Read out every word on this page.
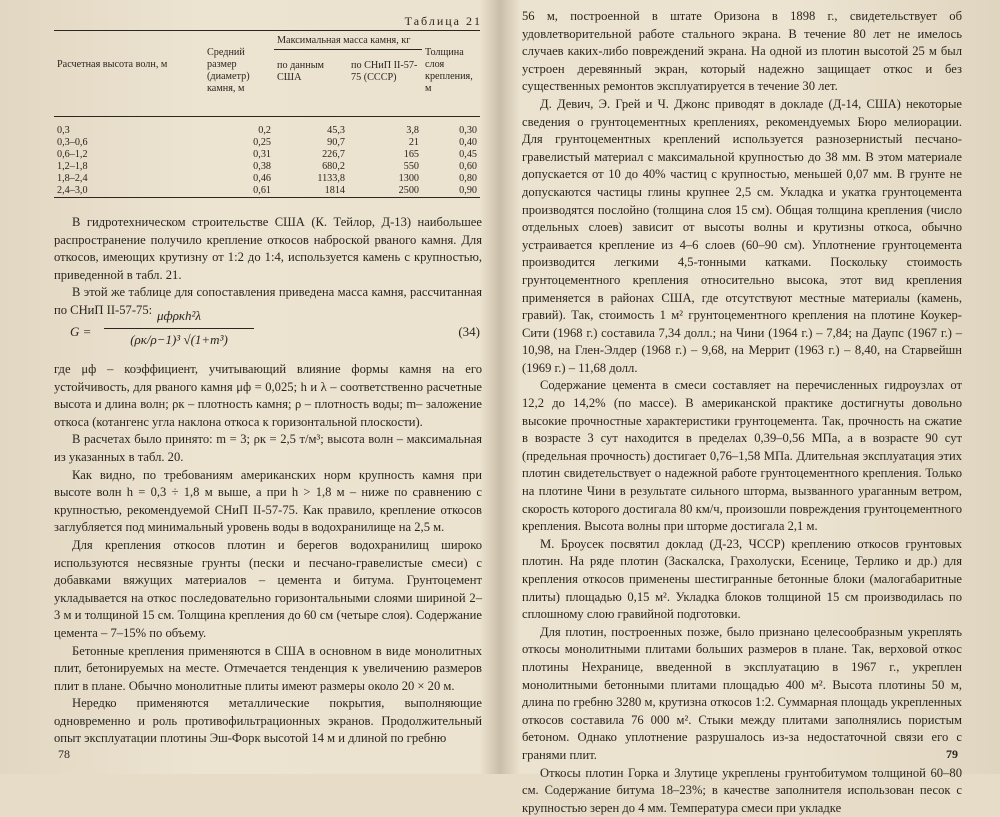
Таблица 21
Расчетная высота волн, м	Средний размер (диаметр) камня, м	Максимальная масса камня, кг		Толщина слоя крепления, м
		по данным США	по СНиП II-57-75 (СССР)	

0,3	0,2	45,3	3,8	0,30
0,3–0,6	0,25	90,7	21	0,40
0,6–1,2	0,31	226,7	165	0,45
1,2–1,8	0,38	680,2	550	0,60
1,8–2,4	0,46	1133,8	1300	0,80
2,4–3,0	0,61	1814	2500	0,90

В гидротехническом строительстве США (К. Тейлор, Д-13) наибольшее распространение получило крепление откосов наброской рваного камня. Для откосов, имеющих крутизну от 1:2 до 1:4, используется камень с крупностью, приведенной в табл. 21.

В этой же таблице для сопоставления приведена масса камня, рассчитанная по СНиП II-57-75:

G =
μфρкh²λ
(ρк/ρ−1)³ √(1+m³)
(34)

где μф – коэффициент, учитывающий влияние формы камня на его устойчивость, для рваного камня μф = 0,025; h и λ – соответственно расчетные высота и длина волн; ρк – плотность камня; ρ – плотность воды; m– заложение откоса (котангенс угла наклона откоса к горизонтальной плоскости).

В расчетах было принято: m = 3; ρк = 2,5 т/м³; высота волн – максимальная из указанных в табл. 20.

Как видно, по требованиям американских норм крупность камня при высоте волн h = 0,3 ÷ 1,8 м выше, а при h > 1,8 м – ниже по сравнению с крупностью, рекомендуемой СНиП II-57-75. Как правило, крепление откосов заглубляется под минимальный уровень воды в водохранилище на 2,5 м.

Для крепления откосов плотин и берегов водохранилищ широко используются несвязные грунты (пески и песчано-гравелистые смеси) с добавками вяжущих материалов – цемента и битума. Грунтоцемент укладывается на откос последовательно горизонтальными слоями шириной 2–3 м и толщиной 15 см. Толщина крепления до 60 см (четыре слоя). Содержание цемента – 7–15% по объему.

Бетонные крепления применяются в США в основном в виде монолитных плит, бетонируемых на месте. Отмечается тенденция к увеличению размеров плит в плане. Обычно монолитные плиты имеют размеры около 20 × 20 м.

Нередко применяются металлические покрытия, выполняющие одновременно и роль противофильтрационных экранов. Продолжительный опыт эксплуатации плотины Эш-Форк высотой 14 м и длиной по гребню

78

56 м, построенной в штате Оризона в 1898 г., свидетельствует об удовлетворительной работе стального экрана. В течение 80 лет не имелось случаев каких-либо повреждений экрана. На одной из плотин высотой 25 м был устроен деревянный экран, который надежно защищает откос и без существенных ремонтов эксплуатируется в течение 30 лет.

Д. Девич, Э. Грей и Ч. Джонс приводят в докладе (Д-14, США) некоторые сведения о грунтоцементных креплениях, рекомендуемых Бюро мелиорации. Для грунтоцементных креплений используется разнозернистый песчано-гравелистый материал с максимальной крупностью до 38 мм. В этом материале допускается от 10 до 40% частиц с крупностью, меньшей 0,07 мм. В грунте не допускаются частицы глины крупнее 2,5 см. Укладка и укатка грунтоцемента производятся послойно (толщина слоя 15 см). Общая толщина крепления (число отдельных слоев) зависит от высоты волны и крутизны откоса, обычно устраивается крепление из 4–6 слоев (60–90 см). Уплотнение грунтоцемента производится легкими 4,5-тонными катками. Поскольку стоимость грунтоцементного крепления относительно высока, этот вид крепления применяется в районах США, где отсутствуют местные материалы (камень, гравий). Так, стоимость 1 м² грунтоцементного крепления на плотине Коукер-Сити (1968 г.) составила 7,34 долл.; на Чини (1964 г.) – 7,84; на Даупс (1967 г.) – 10,98, на Глен-Элдер (1968 г.) – 9,68, на Меррит (1963 г.) – 8,40, на Старвейшн (1969 г.) – 11,68 долл.

Содержание цемента в смеси составляет на перечисленных гидроузлах от 12,2 до 14,2% (по массе). В американской практике достигнуты довольно высокие прочностные характеристики грунтоцемента. Так, прочность на сжатие в возрасте 3 сут находится в пределах 0,39–0,56 МПа, а в возрасте 90 сут (предельная прочность) достигает 0,76–1,58 МПа. Длительная эксплуатация этих плотин свидетельствует о надежной работе грунтоцементного крепления. Только на плотине Чини в результате сильного шторма, вызванного ураганным ветром, скорость которого достигала 80 км/ч, произошли повреждения грунтоцементного крепления. Высота волны при шторме достигала 2,1 м.

М. Броусек посвятил доклад (Д-23, ЧССР) креплению откосов грунтовых плотин. На ряде плотин (Заскалска, Грахолуски, Есенице, Терлико и др.) для крепления откосов применены шестигранные бетонные блоки (малогабаритные плиты) площадью 0,15 м². Укладка блоков толщиной 15 см производилась по сплошному слою гравийной подготовки.

Для плотин, построенных позже, было признано целесообразным укреплять откосы монолитными плитами больших размеров в плане. Так, верховой откос плотины Нехранице, введенной в эксплуатацию в 1967 г., укреплен монолитными бетонными плитами площадью 400 м². Высота плотины 50 м, длина по гребню 3280 м, крутизна откосов 1:2. Суммарная площадь укрепленных откосов составила 76 000 м². Стыки между плитами заполнялись пористым бетоном. Однако уплотнение разрушалось из-за недостаточной связи его с гранями плит.

Откосы плотин Горка и Злутице укреплены грунтобитумом толщиной 60–80 см. Содержание битума 18–23%; в качестве заполнителя использован песок с крупностью зерен до 4 мм. Температура смеси при укладке

79
